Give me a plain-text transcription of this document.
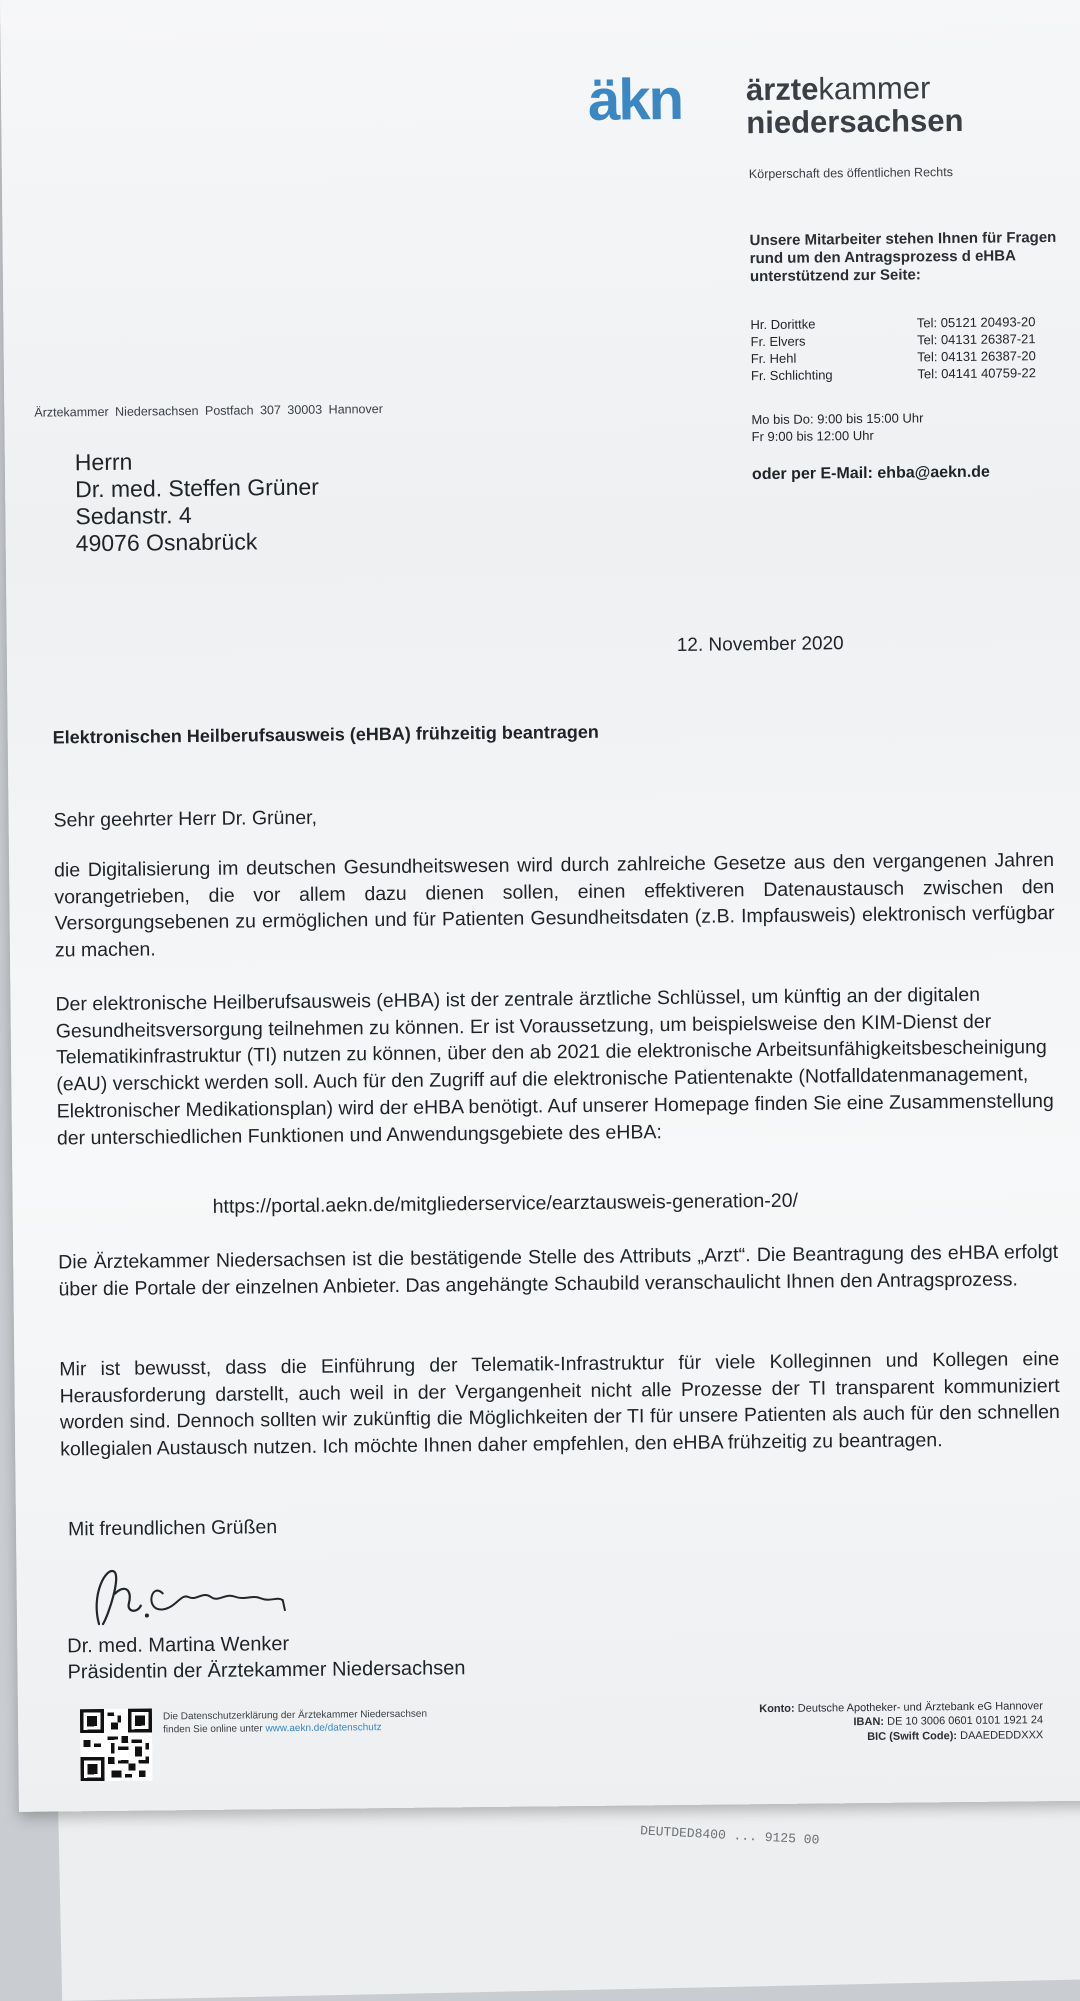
DEUTDED8400 ... 9125 00
äkn ärztekammer
niedersachsen
Körperschaft des öffentlichen Rechts
Unsere Mitarbeiter stehen Ihnen für Fragen rund um den Antragsprozess d eHBA unterstützend zur Seite:
Hr. Dorittke	Tel: 05121 20493-20
Fr. Elvers	Tel: 04131 26387-21
Fr. Hehl	Tel: 04131 26387-20
Fr. Schlichting	Tel: 04141 40759-22
Mo bis Do: 9:00 bis 15:00 Uhr
Fr 9:00 bis 12:00 Uhr
oder per E-Mail: ehba@aekn.de
Ärztekammer Niedersachsen Postfach 307 30003 Hannover
Herrn
Dr. med. Steffen Grüner
Sedanstr. 4
49076 Osnabrück
12. November 2020
Elektronischen Heilberufsausweis (eHBA) frühzeitig beantragen
Sehr geehrter Herr Dr. Grüner,
die Digitalisierung im deutschen Gesundheitswesen wird durch zahlreiche Gesetze aus den vergangenen Jahren vorangetrieben, die vor allem dazu dienen sollen, einen effektiveren Datenaustausch zwischen den Versorgungsebenen zu ermöglichen und für Patienten Gesundheitsdaten (z.B. Impfausweis) elektronisch verfügbar zu machen.
Der elektronische Heilberufsausweis (eHBA) ist der zentrale ärztliche Schlüssel, um künftig an der digitalen Gesundheitsversorgung teilnehmen zu können. Er ist Voraussetzung, um beispielsweise den KIM-Dienst der Telematikinfrastruktur (TI) nutzen zu können, über den ab 2021 die elektronische Arbeitsunfähigkeitsbescheinigung (eAU) verschickt werden soll. Auch für den Zugriff auf die elektronische Patientenakte (Notfalldatenmanagement, Elektronischer Medikationsplan) wird der eHBA benötigt. Auf unserer Homepage finden Sie eine Zusammenstellung der unterschiedlichen Funktionen und Anwendungsgebiete des eHBA:
https://portal.aekn.de/mitgliederservice/earztausweis-generation-20/
Die Ärztekammer Niedersachsen ist die bestätigende Stelle des Attributs „Arzt“. Die Beantragung des eHBA erfolgt über die Portale der einzelnen Anbieter. Das angehängte Schaubild veranschaulicht Ihnen den Antragsprozess.
Mir ist bewusst, dass die Einführung der Telematik-Infrastruktur für viele Kolleginnen und Kollegen eine Herausforderung darstellt, auch weil in der Vergangenheit nicht alle Prozesse der TI transparent kommuniziert worden sind. Dennoch sollten wir zukünftig die Möglichkeiten der TI für unsere Patienten als auch für den schnellen kollegialen Austausch nutzen. Ich möchte Ihnen daher empfehlen, den eHBA frühzeitig zu beantragen.
Mit freundlichen Grüßen
Dr. med. Martina Wenker
Präsidentin der Ärztekammer Niedersachsen
Die Datenschutzerklärung der Ärztekammer Niedersachsen
finden Sie online unter www.aekn.de/datenschutz
Konto: Deutsche Apotheker- und Ärztebank eG Hannover
IBAN: DE 10 3006 0601 0101 1921 24
BIC (Swift Code): DAAEDEDDXXX
